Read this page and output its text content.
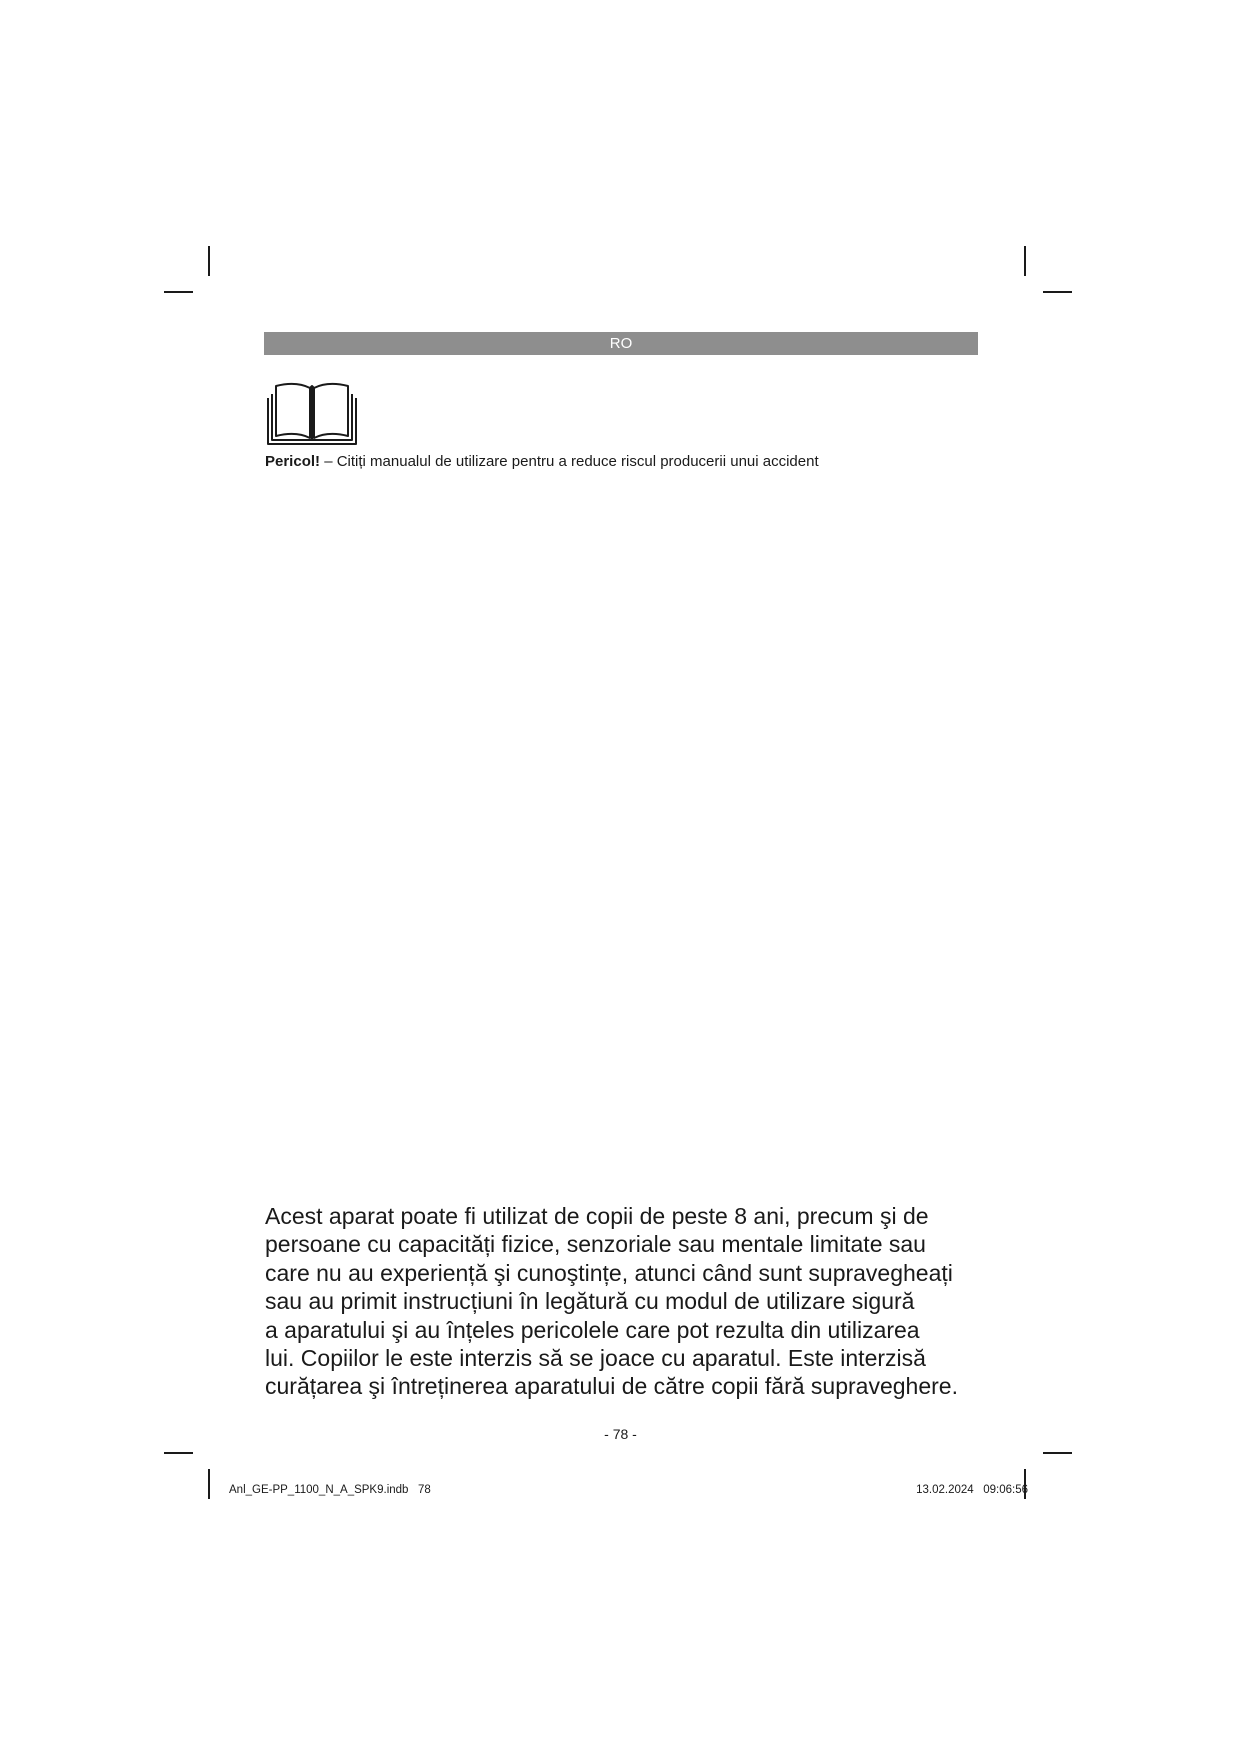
RO
Pericol! – Citiți manualul de utilizare pentru a reduce riscul producerii unui accident

Acest aparat poate fi utilizat de copii de peste 8 ani, precum şi de
persoane cu capacități fizice, senzoriale sau mentale limitate sau
care nu au experiență şi cunoştințe, atunci când sunt supravegheați
sau au primit instrucțiuni în legătură cu modul de utilizare sigură
a aparatului şi au înțeles pericolele care pot rezulta din utilizarea
lui. Copiilor le este interzis să se joace cu aparatul. Este interzisă
curățarea şi întreținerea aparatului de către copii fără supraveghere.

- 78 -
Anl_GE-PP_1100_N_A_SPK9.indb   78	13.02.2024   09:06:56
